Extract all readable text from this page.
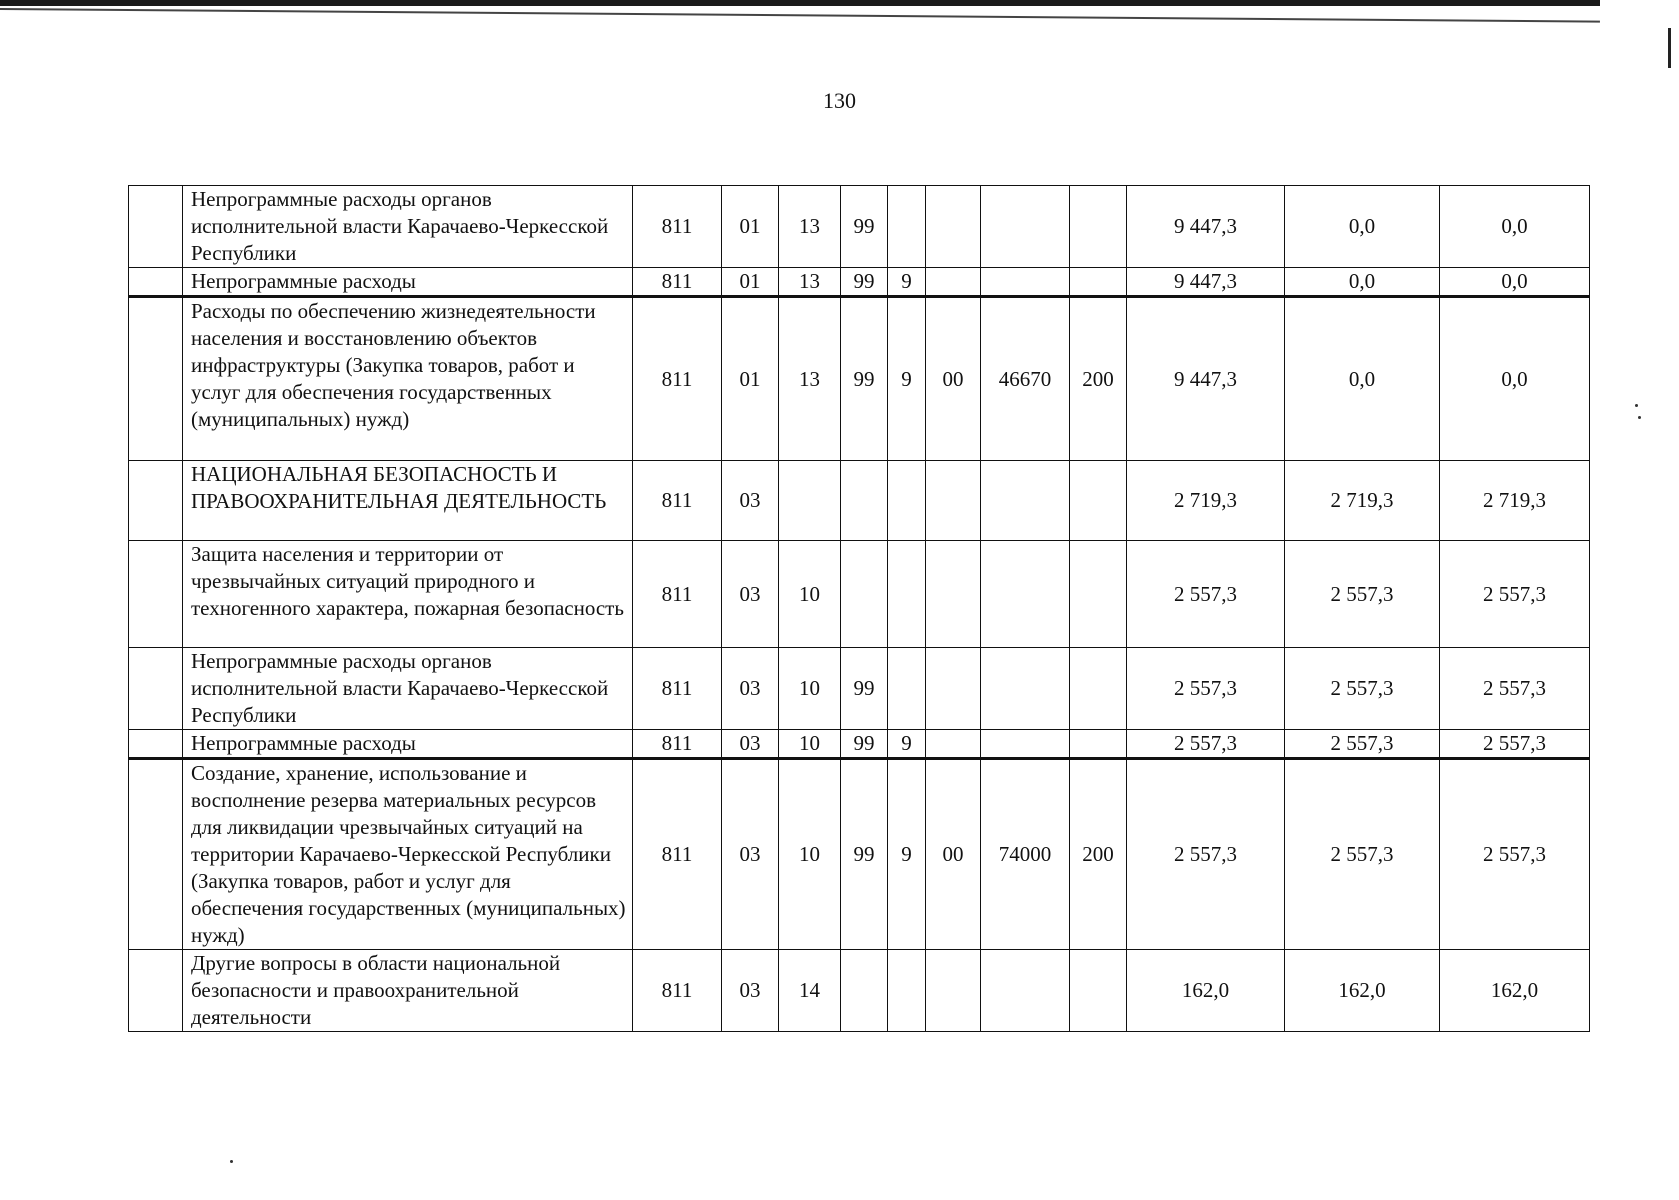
130
	Непрограммные расходы органов исполнительной власти Карачаево-Черкесской Республики	811	01	13	99					9 447,3	0,0	0,0
	Непрограммные расходы	811	01	13	99	9				9 447,3	0,0	0,0
	Расходы по обеспечению жизнедеятельности населения и восстановлению объектов инфраструктуры (Закупка товаров, работ и услуг для обеспечения государственных (муниципальных) нужд)	811	01	13	99	9	00	46670	200	9 447,3	0,0	0,0
	НАЦИОНАЛЬНАЯ БЕЗОПАСНОСТЬ И ПРАВООХРАНИТЕЛЬНАЯ ДЕЯТЕЛЬНОСТЬ	811	03							2 719,3	2 719,3	2 719,3
	Защита населения и территории от чрезвычайных ситуаций природного и техногенного характера, пожарная безопасность	811	03	10						2 557,3	2 557,3	2 557,3
	Непрограммные расходы органов исполнительной власти Карачаево-Черкесской Республики	811	03	10	99					2 557,3	2 557,3	2 557,3
	Непрограммные расходы	811	03	10	99	9				2 557,3	2 557,3	2 557,3
	Создание, хранение, использование и восполнение резерва материальных ресурсов для ликвидации чрезвычайных ситуаций на территории Карачаево-Черкесской Республики (Закупка товаров, работ и услуг для обеспечения государственных (муниципальных) нужд)	811	03	10	99	9	00	74000	200	2 557,3	2 557,3	2 557,3
	Другие вопросы в области национальной безопасности и правоохранительной деятельности	811	03	14						162,0	162,0	162,0
